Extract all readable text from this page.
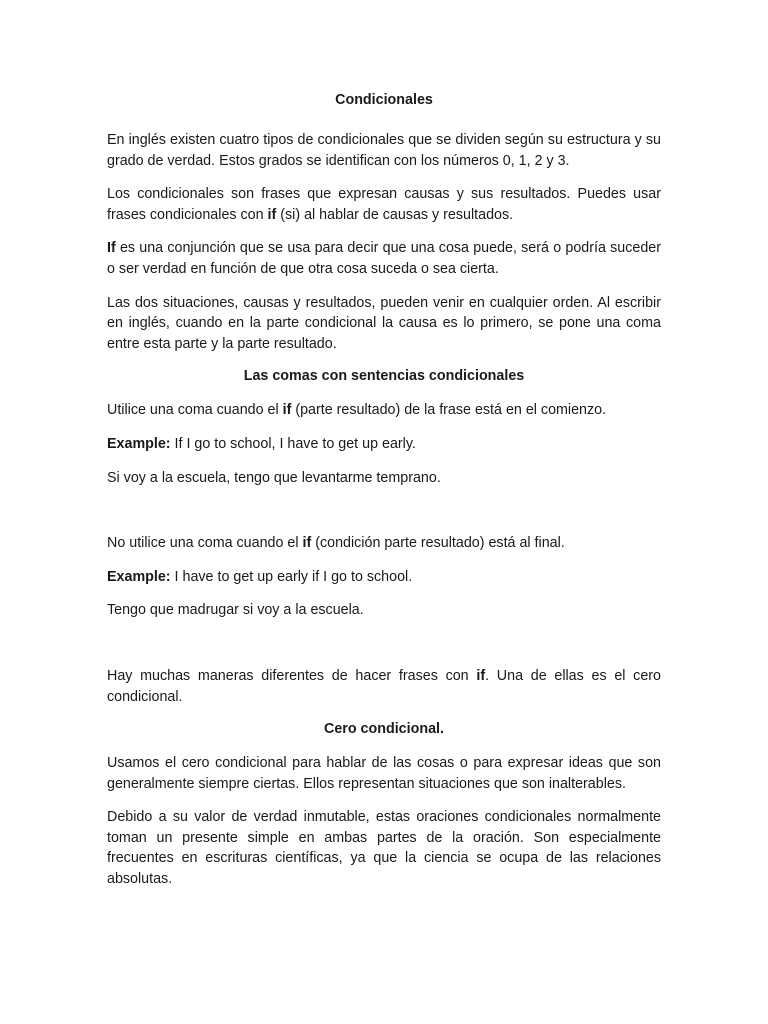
Condicionales

En inglés existen cuatro tipos de condicionales que se dividen según su estructura y su grado de verdad. Estos grados se identifican con los números 0, 1, 2 y 3.

Los condicionales son frases que expresan causas y sus resultados. Puedes usar frases condicionales con if (si) al hablar de causas y resultados.

If es una conjunción que se usa para decir que una cosa puede, será o podría suceder o ser verdad en función de que otra cosa suceda o sea cierta.

Las dos situaciones, causas y resultados, pueden venir en cualquier orden. Al escribir en inglés, cuando en la parte condicional la causa es lo primero, se pone una coma entre esta parte y la parte resultado.

Las comas con sentencias condicionales

Utilice una coma cuando el if (parte resultado) de la frase está en el comienzo.

Example: If I go to school, I have to get up early.

Si voy a la escuela, tengo que levantarme temprano.

No utilice una coma cuando el if (condición parte resultado) está al final.

Example: I have to get up early if I go to school.

Tengo que madrugar si voy a la escuela.

Hay muchas maneras diferentes de hacer frases con if. Una de ellas es el cero condicional.

Cero condicional.

Usamos el cero condicional para hablar de las cosas o para expresar ideas que son generalmente siempre ciertas. Ellos representan situaciones que son inalterables.

Debido a su valor de verdad inmutable, estas oraciones condicionales normalmente toman un presente simple en ambas partes de la oración. Son especialmente frecuentes en escrituras científicas, ya que la ciencia se ocupa de las relaciones absolutas.
